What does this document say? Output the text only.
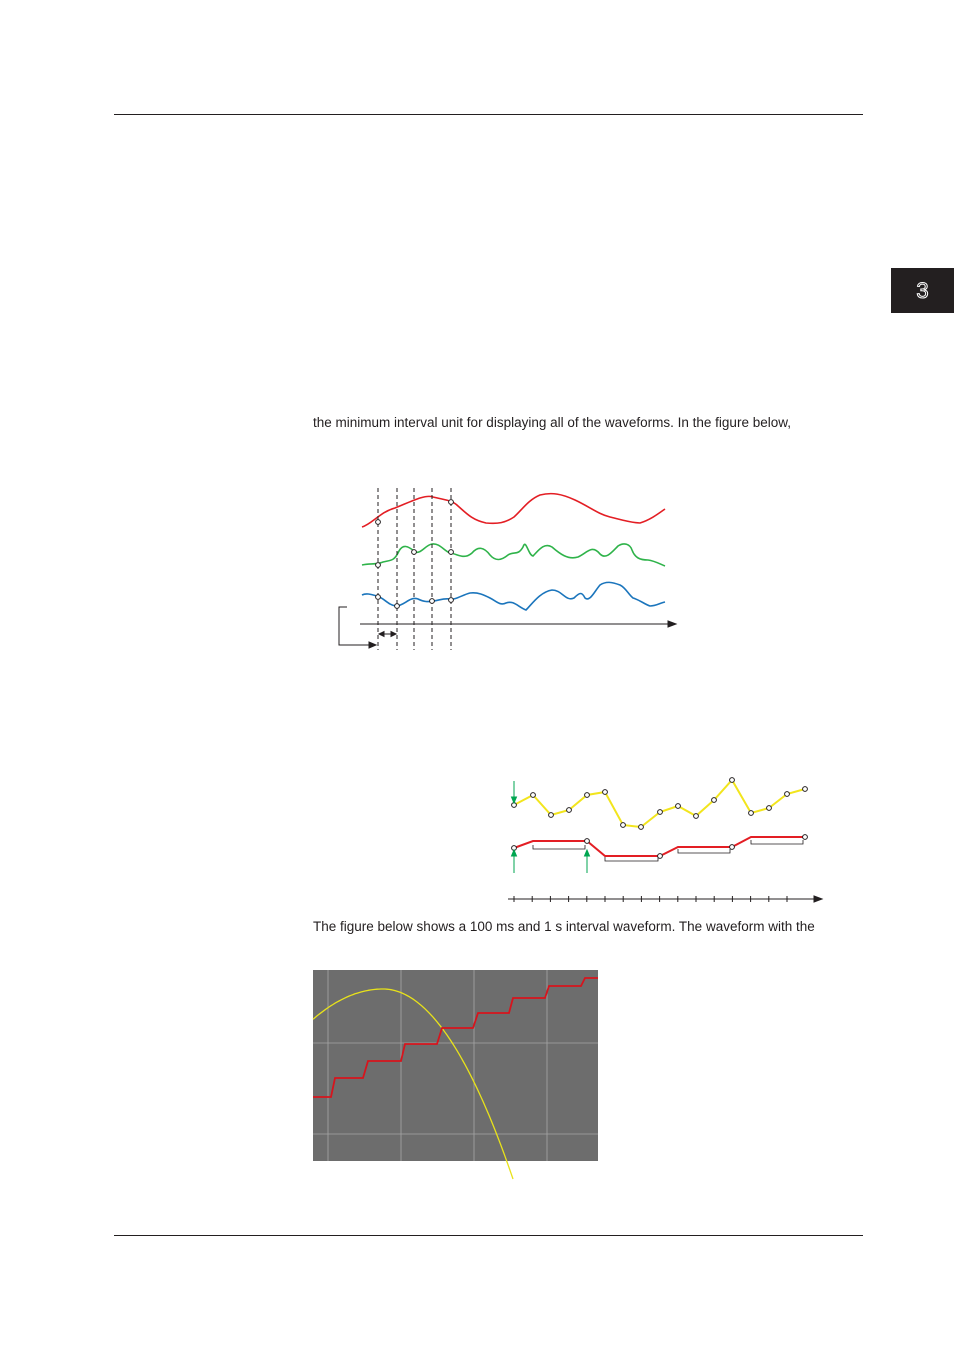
3
the minimum interval unit for displaying all of the waveforms. In the figure below,
The figure below shows a 100 ms and 1 s interval waveform. The waveform with the
